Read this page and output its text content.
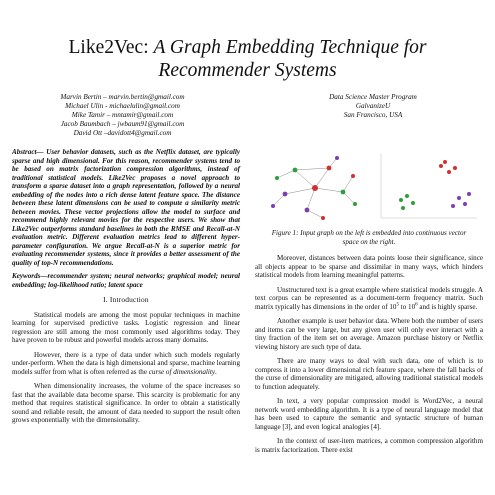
Like2Vec: A Graph Embedding Technique for
Recommender Systems
Marvin Bertin – marvin.bertin@gmail.com
Michael Ulin - michaelulin@gmail.com
Mike Tamir – mntamir@gmail.com
Jacob Baumbach – jwbaum91@gmail.com
David Ott –davidott4@gmail.com
Data Science Master Program
GalvanizeU
San Francisco, USA

Abstract— User behavior datasets, such as the Netflix dataset, are typically sparse and high dimensional. For this reason, recommender systems tend to be based on matrix factorization compression algorithms, instead of traditional statistical models. Like2Vec proposes a novel approach to transform a sparse dataset into a graph representation, followed by a neural embedding of the nodes into a rich dense latent feature space. The distance between these latent dimensions can be used to compute a similarity metric between movies. These vector projections allow the model to surface and recommend highly relevant movies for the respective users. We show that Like2Vec outperforms standard baselines in both the RMSE and Recall-at-N evaluation metric. Different evaluation metrics lead to different hyper-parameter configuration. We argue Recall-at-N is a superior metric for evaluating recommender systems, since it provides a better assessment of the quality of top-N recommendations.

Keywords—recommender system; neural networks; graphical model; neural embedding; log-likelihood ratio; latent space

I. Introduction

Statistical models are among the most popular techniques in machine learning for supervised predictive tasks. Logistic regression and linear regression are still among the most commonly used algorithms today. They have proven to be robust and powerful models across many domains.

However, there is a type of data under which such models regularly under-perform. When the data is high dimensional and sparse, machine learning models suffer from what is often referred as the curse of dimensionality.

When dimensionality increases, the volume of the space increases so fast that the available data become sparse. This scarcity is problematic for any method that requires statistical significance. In order to obtain a statistically sound and reliable result, the amount of data needed to support the result often grows exponentially with the dimensionality.

Figure 1: Input graph on the left is embedded into continuous vector space on the right.

Moreover, distances between data points loose their significance, since all objects appear to be sparse and dissimilar in many ways, which hinders statistical models from learning meaningful patterns.

Unstructured text is a great example where statistical models struggle. A text corpus can be represented as a document-term frequency matrix. Such matrix typically has dimensions in the order of $10^5$ to $10^6$ and is highly sparse.

Another example is user behavior data. Where both the number of users and items can be very large, but any given user will only ever interact with a tiny fraction of the item set on average. Amazon purchase history or Netflix viewing history are such type of data.

There are many ways to deal with such data, one of which is to compress it into a lower dimensional rich feature space, where the fall backs of the curse of dimensionality are mitigated, allowing traditional statistical models to function adequately.

In text, a very popular compression model is Word2Vec, a neural network word embedding algorithm. It is a type of neural language model that has been used to capture the semantic and syntactic structure of human language [3], and even logical analogies [4].

In the context of user-item matrices, a common compression algorithm is matrix factorization. There exist
